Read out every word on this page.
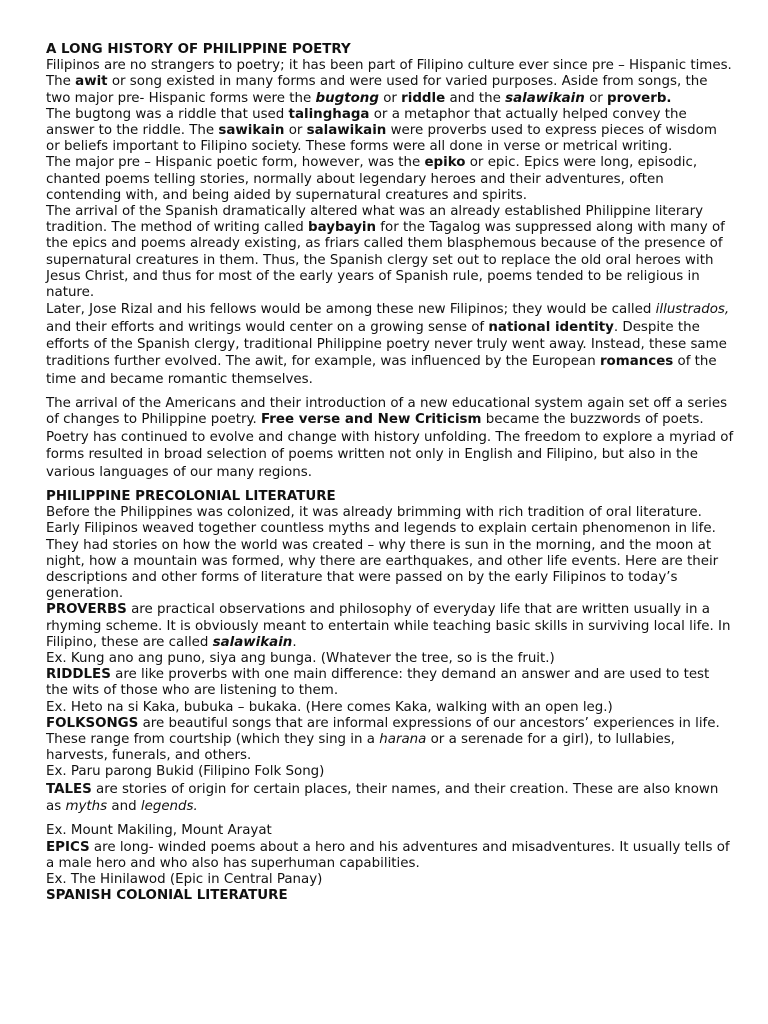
A LONG HISTORY OF PHILIPPINE POETRY

Filipinos are no strangers to poetry; it has been part of Filipino culture ever since pre – Hispanic times. The awit or song existed in many forms and were used for varied purposes. Aside from songs, the two major pre- Hispanic forms were the bugtong or riddle and the salawikain or proverb.

The bugtong was a riddle that used talinghaga or a metaphor that actually helped convey the answer to the riddle. The sawikain or salawikain were proverbs used to express pieces of wisdom or beliefs important to Filipino society. These forms were all done in verse or metrical writing.

The major pre – Hispanic poetic form, however, was the epiko or epic. Epics were long, episodic, chanted poems telling stories, normally about legendary heroes and their adventures, often contending with, and being aided by supernatural creatures and spirits.

The arrival of the Spanish dramatically altered what was an already established Philippine literary tradition. The method of writing called baybayin for the Tagalog was suppressed along with many of the epics and poems already existing, as friars called them blasphemous because of the presence of supernatural creatures in them. Thus, the Spanish clergy set out to replace the old oral heroes with Jesus Christ, and thus for most of the early years of Spanish rule, poems tended to be religious in nature.

Later, Jose Rizal and his fellows would be among these new Filipinos; they would be called illustrados, and their efforts and writings would center on a growing sense of national identity. Despite the efforts of the Spanish clergy, traditional Philippine poetry never truly went away. Instead, these same traditions further evolved. The awit, for example, was influenced by the European romances of the time and became romantic themselves.

The arrival of the Americans and their introduction of a new educational system again set off a series of changes to Philippine poetry. Free verse and New Criticism became the buzzwords of poets.

Poetry has continued to evolve and change with history unfolding. The freedom to explore a myriad of forms resulted in broad selection of poems written not only in English and Filipino, but also in the various languages of our many regions.

PHILIPPINE PRECOLONIAL LITERATURE

Before the Philippines was colonized, it was already brimming with rich tradition of oral literature. Early Filipinos weaved together countless myths and legends to explain certain phenomenon in life. They had stories on how the world was created – why there is sun in the morning, and the moon at night, how a mountain was formed, why there are earthquakes, and other life events. Here are their descriptions and other forms of literature that were passed on by the early Filipinos to today’s generation.

PROVERBS are practical observations and philosophy of everyday life that are written usually in a rhyming scheme. It is obviously meant to entertain while teaching basic skills in surviving local life. In Filipino, these are called salawikain.

Ex. Kung ano ang puno, siya ang bunga. (Whatever the tree, so is the fruit.)

RIDDLES are like proverbs with one main difference: they demand an answer and are used to test the wits of those who are listening to them.

Ex. Heto na si Kaka, bubuka – bukaka. (Here comes Kaka, walking with an open leg.)

FOLKSONGS are beautiful songs that are informal expressions of our ancestors’ experiences in life. These range from courtship (which they sing in a harana or a serenade for a girl), to lullabies, harvests, funerals, and others.

Ex. Paru parong Bukid (Filipino Folk Song)

TALES are stories of origin for certain places, their names, and their creation. These are also known as myths and legends.

Ex. Mount Makiling, Mount Arayat

EPICS are long- winded poems about a hero and his adventures and misadventures. It usually tells of a male hero and who also has superhuman capabilities.

Ex. The Hinilawod (Epic in Central Panay)

SPANISH COLONIAL LITERATURE
